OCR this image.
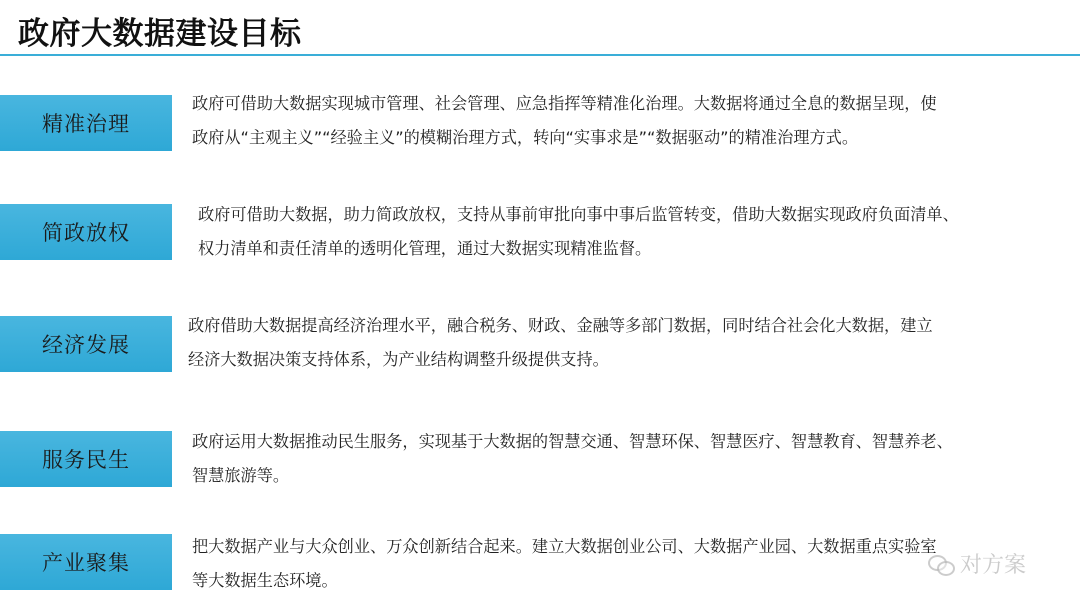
政府大数据建设目标
精准治理
政府可借助大数据实现城市管理、社会管理、应急指挥等精准化治理。大数据将通过全息的数据呈现，使
政府从“主观主义”“经验主义”的模糊治理方式，转向“实事求是”“数据驱动”的精准治理方式。
简政放权
政府可借助大数据，助力简政放权，支持从事前审批向事中事后监管转变，借助大数据实现政府负面清单、
权力清单和责任清单的透明化管理，通过大数据实现精准监督。
经济发展
政府借助大数据提高经济治理水平，融合税务、财政、金融等多部门数据，同时结合社会化大数据，建立
经济大数据决策支持体系，为产业结构调整升级提供支持。
服务民生
政府运用大数据推动民生服务，实现基于大数据的智慧交通、智慧环保、智慧医疗、智慧教育、智慧养老、
智慧旅游等。
产业聚集
把大数据产业与大众创业、万众创新结合起来。建立大数据创业公司、大数据产业园、大数据重点实验室
等大数据生态环境。
对方案
